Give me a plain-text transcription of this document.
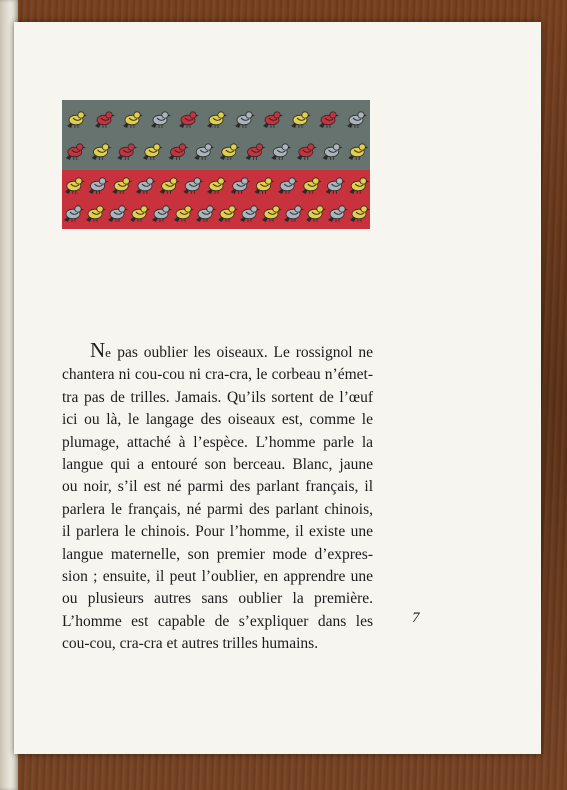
Ne pas oublier les oiseaux. Le rossignol ne
chantera ni cou-cou ni cra-cra, le corbeau n’émet-
tra pas de trilles. Jamais. Qu’ils sortent de l’œuf
ici ou là, le langage des oiseaux est, comme le
plumage, attaché à l’espèce. L’homme parle la
langue qui a entouré son berceau. Blanc, jaune
ou noir, s’il est né parmi des parlant français, il
parlera le français, né parmi des parlant chinois,
il parlera le chinois. Pour l’homme, il existe une
langue maternelle, son premier mode d’expres-
sion ; ensuite, il peut l’oublier, en apprendre une
ou plusieurs autres sans oublier la première.
L’homme est capable de s’expliquer dans les
cou-cou, cra-cra et autres trilles humains.
7
